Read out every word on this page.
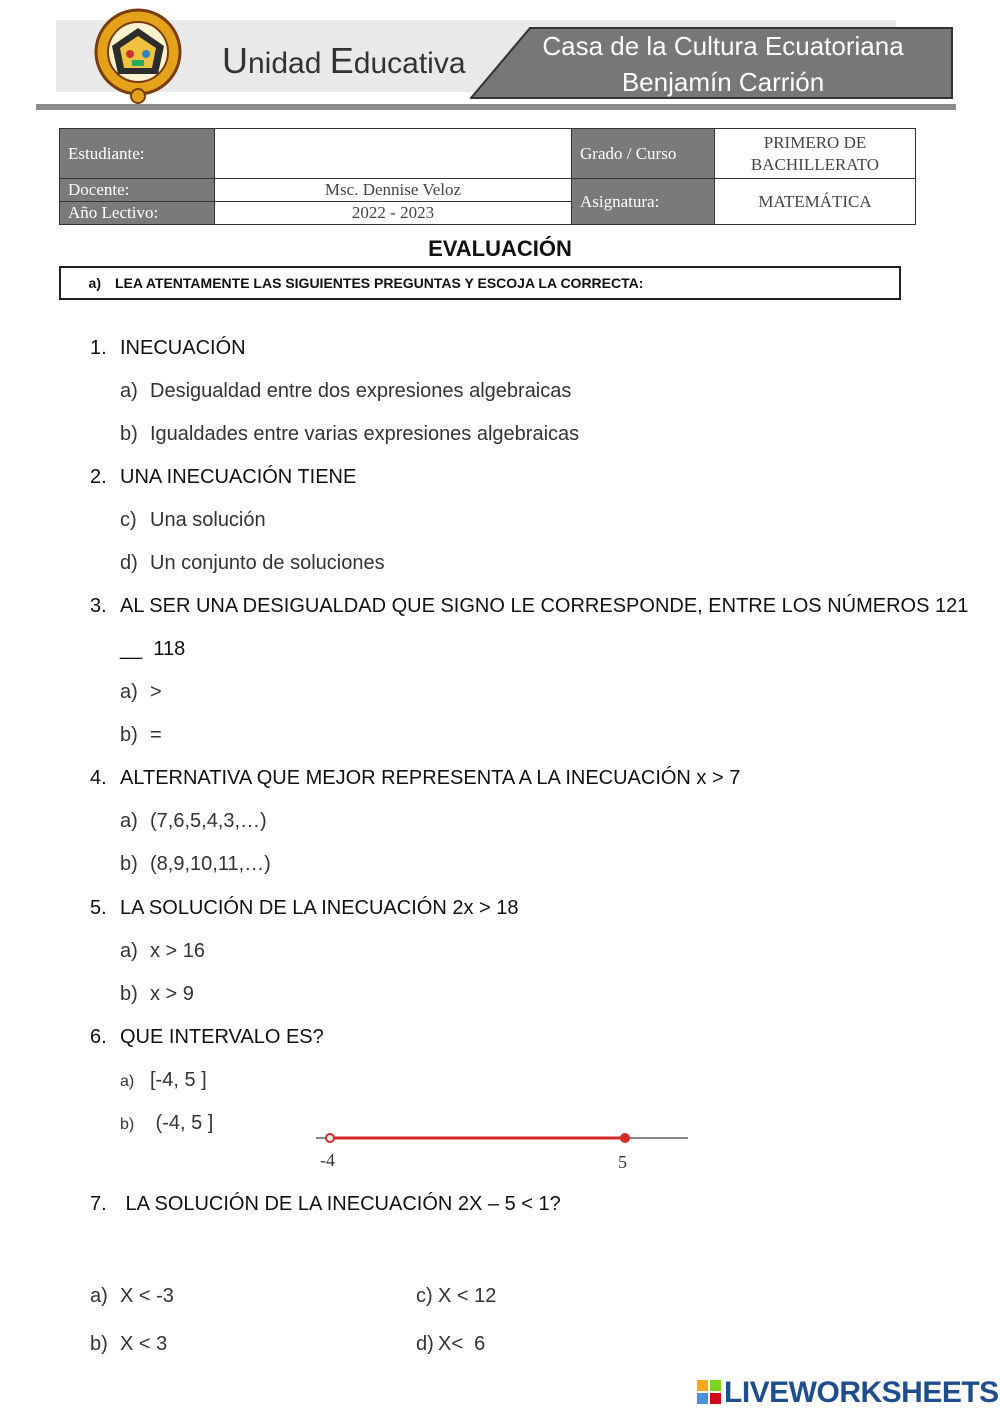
Unidad Educativa
Casa de la Cultura Ecuatoriana
Benjamín Carrión
Estudiante:		Grado / Curso	PRIMERO DE BACHILLERATO
Docente:	Msc. Dennise Veloz	Asignatura:	MATEMÁTICA
Año Lectivo:	2022 - 2023		
EVALUACIÓN
a) LEA ATENTAMENTE LAS SIGUIENTES PREGUNTAS Y ESCOJA LA CORRECTA:
1. INECUACIÓN
a) Desigualdad entre dos expresiones algebraicas
b) Igualdades entre varias expresiones algebraicas
2. UNA INECUACIÓN TIENE
c) Una solución
d) Un conjunto de soluciones
3. AL SER UNA DESIGUALDAD QUE SIGNO LE CORRESPONDE, ENTRE LOS NÚMEROS 121
__  118
a) >
b) =
4. ALTERNATIVA QUE MEJOR REPRESENTA A LA INECUACIÓN x > 7
a) (7,6,5,4,3,…)
b) (8,9,10,11,…)
5. LA SOLUCIÓN DE LA INECUACIÓN 2x > 18
a) x > 16
b) x > 9
6. QUE INTERVALO ES?
a) [-4, 5 ]
b) (-4, 5 ]
-4	5
7. LA SOLUCIÓN DE LA INECUACIÓN 2X – 5 < 1?
a) X < -3
b) X < 3
c) X < 12
d) X<  6
LIVEWORKSHEETS
